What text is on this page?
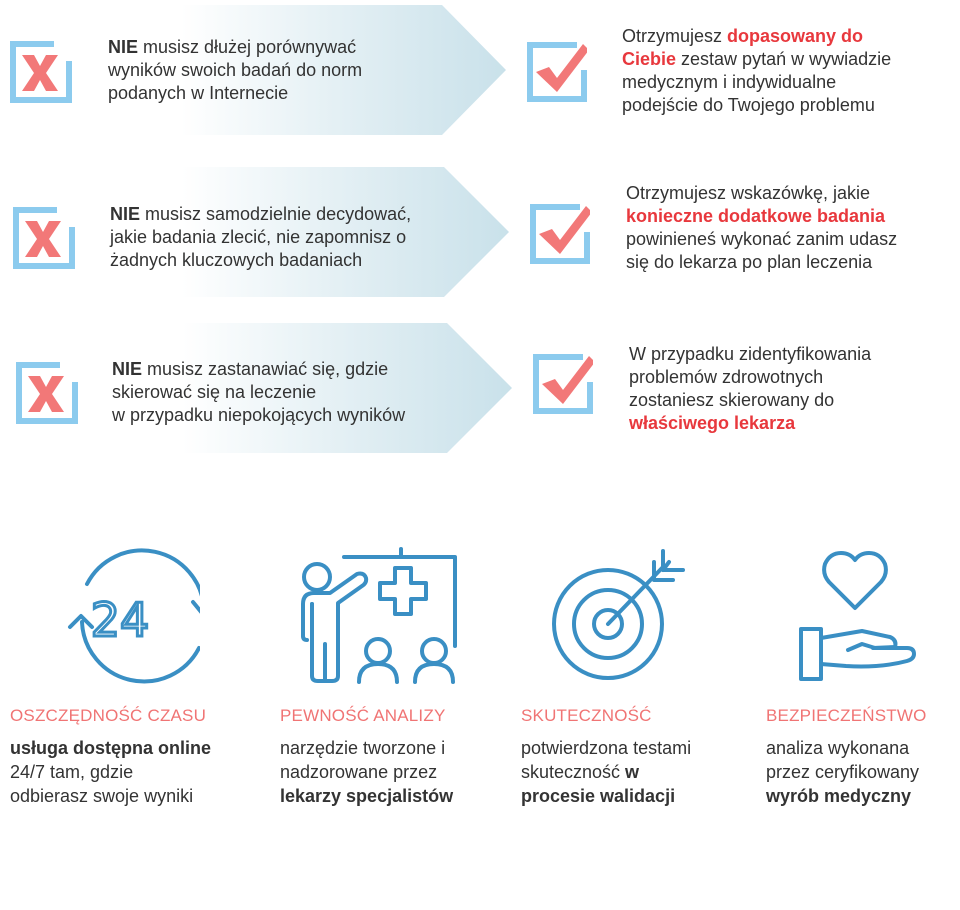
NIE musisz dłużej porównywać
wyników swoich badań do norm
podanych w Internecie
Otrzymujesz dopasowany do
Ciebie zestaw pytań w wywiadzie
medycznym i indywidualne
podejście do Twojego problemu
NIE musisz samodzielnie decydować,
jakie badania zlecić, nie zapomnisz o
żadnych kluczowych badaniach
Otrzymujesz wskazówkę, jakie
konieczne dodatkowe badania
powinieneś wykonać zanim udasz
się do lekarza po plan leczenia
NIE musisz zastanawiać się, gdzie
skierować się na leczenie
w przypadku niepokojących wyników
W przypadku zidentyfikowania
problemów zdrowotnych
zostaniesz skierowany do
właściwego lekarza
24
OSZCZĘDNOŚĆ CZASU
usługa dostępna online
24/7 tam, gdzie
odbierasz swoje wyniki
PEWNOŚĆ ANALIZY
narzędzie tworzone i
nadzorowane przez
lekarzy specjalistów
SKUTECZNOŚĆ
potwierdzona testami
skuteczność w
procesie walidacji
BEZPIECZEŃSTWO
analiza wykonana
przez ceryfikowany
wyrób medyczny
